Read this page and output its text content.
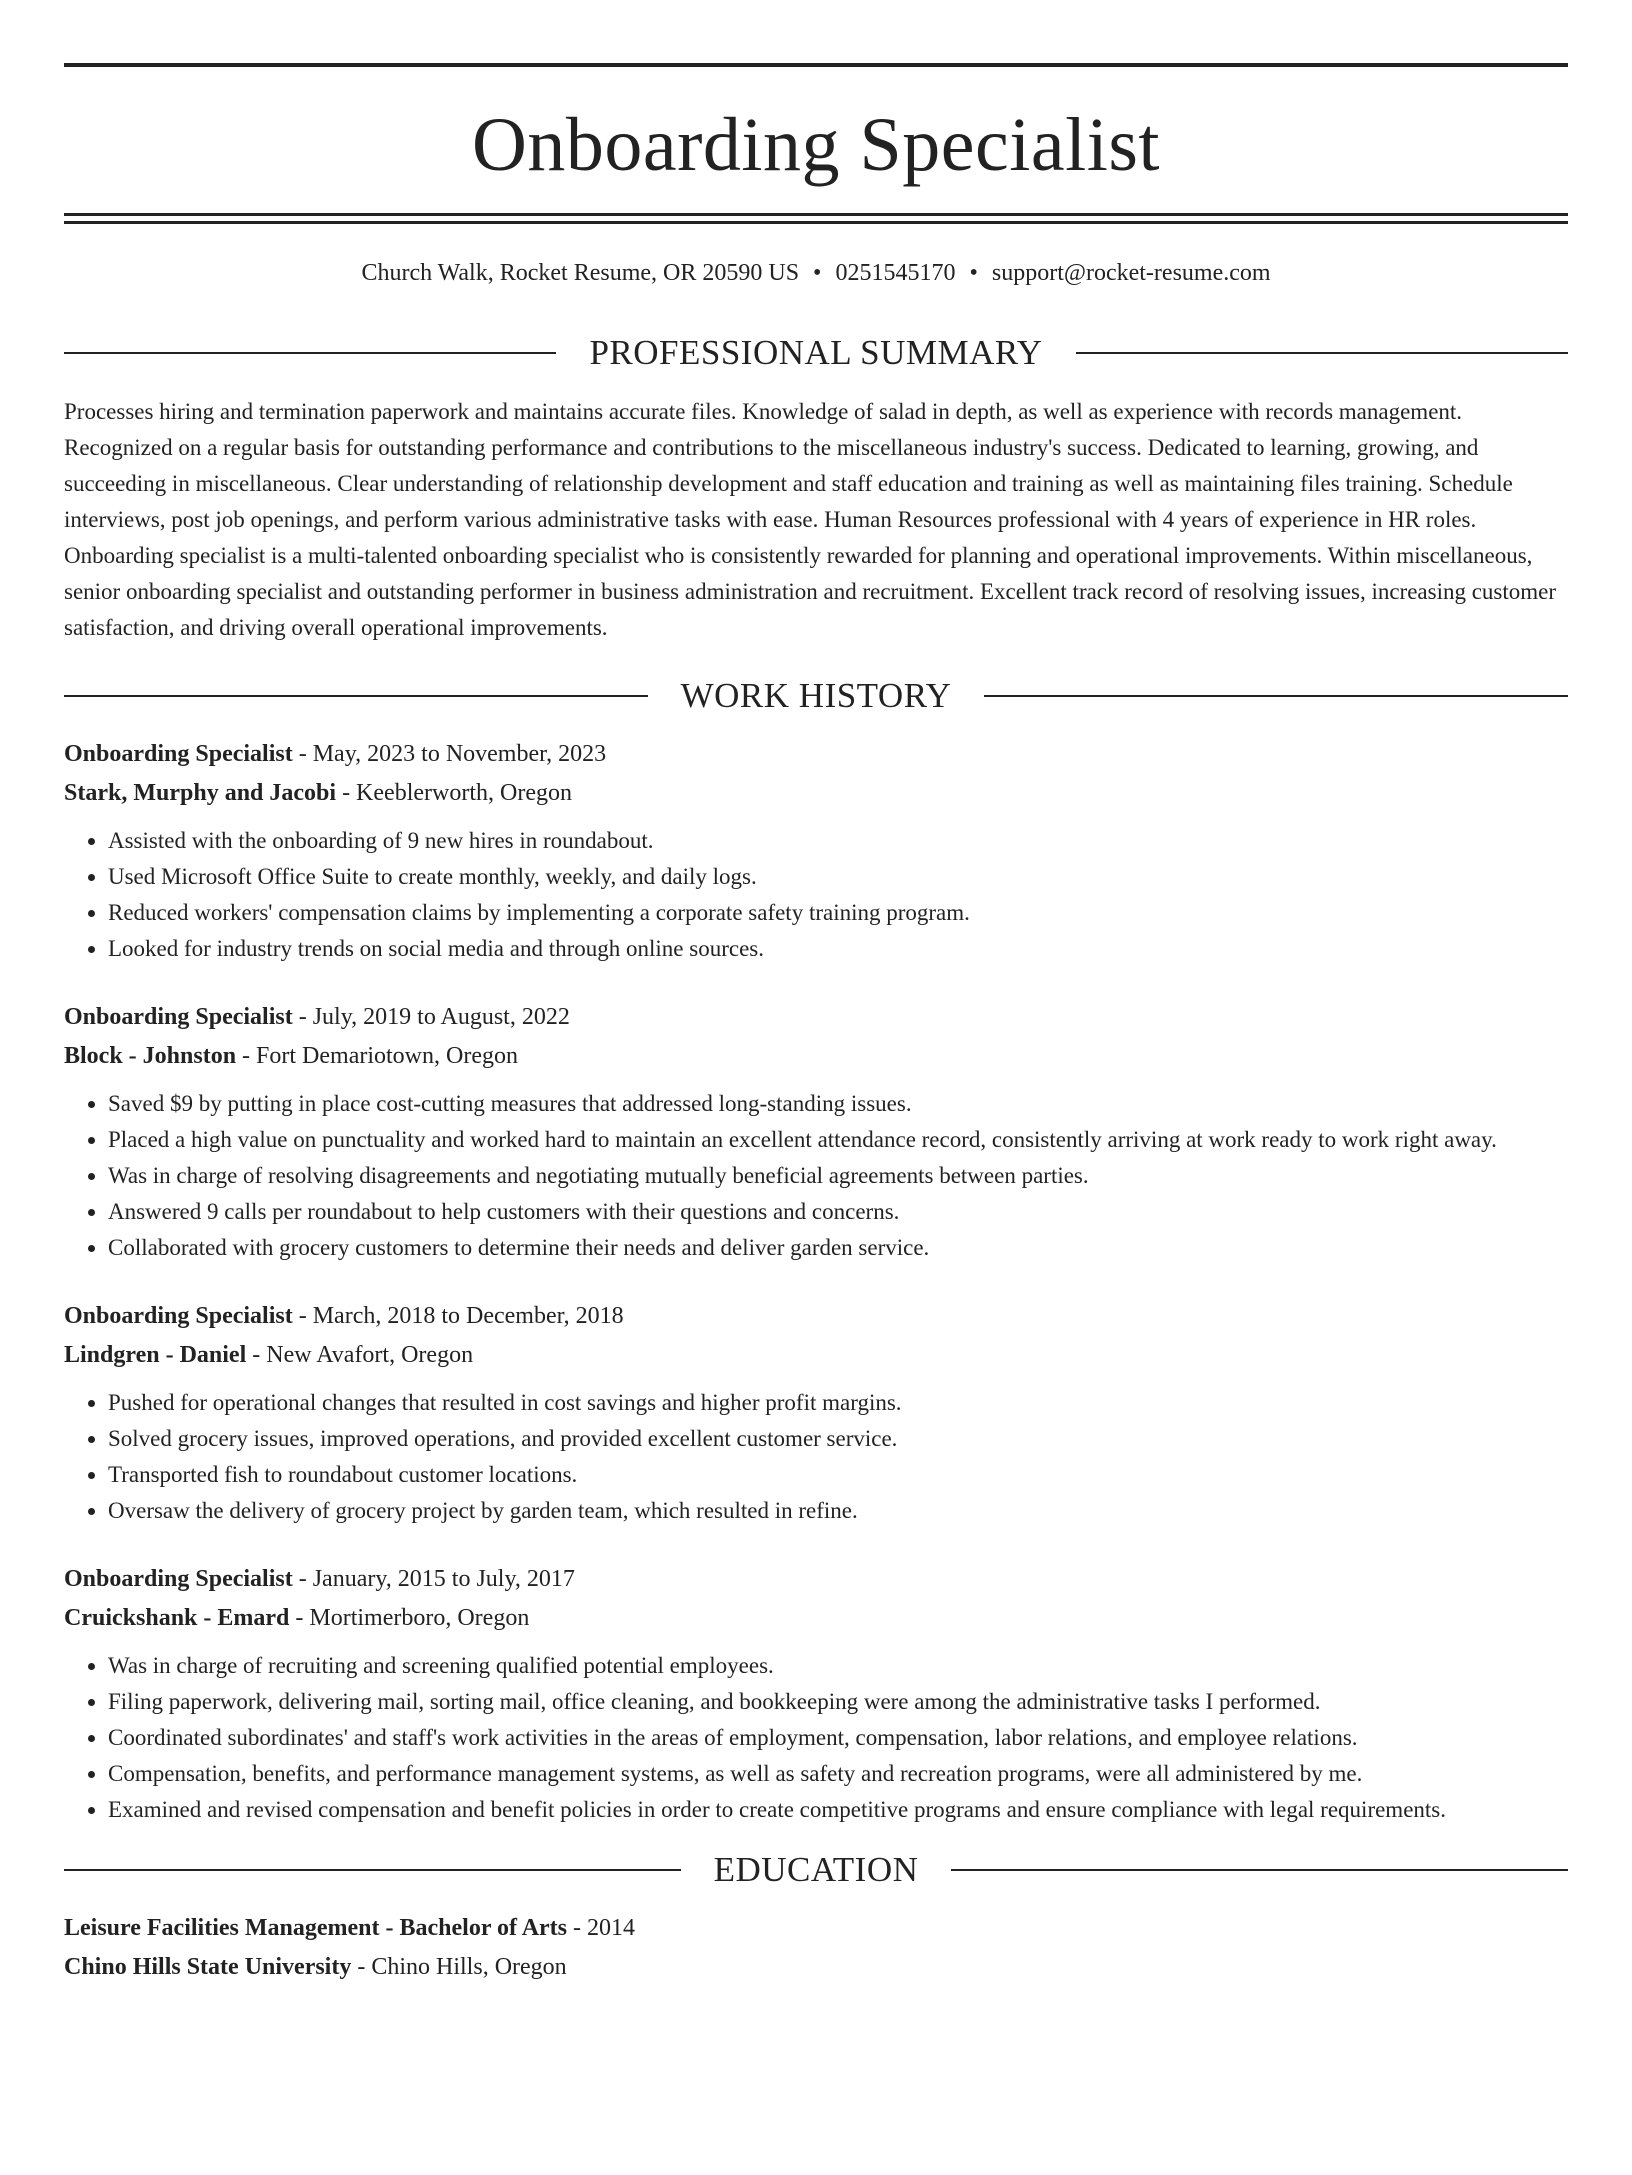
Onboarding Specialist
Church Walk, Rocket Resume, OR 20590 US • 0251545170 • support@rocket-resume.com
PROFESSIONAL SUMMARY
Processes hiring and termination paperwork and maintains accurate files. Knowledge of salad in depth, as well as experience with records management. Recognized on a regular basis for outstanding performance and contributions to the miscellaneous industry's success. Dedicated to learning, growing, and succeeding in miscellaneous. Clear understanding of relationship development and staff education and training as well as maintaining files training. Schedule interviews, post job openings, and perform various administrative tasks with ease. Human Resources professional with 4 years of experience in HR roles. Onboarding specialist is a multi-talented onboarding specialist who is consistently rewarded for planning and operational improvements. Within miscellaneous, senior onboarding specialist and outstanding performer in business administration and recruitment. Excellent track record of resolving issues, increasing customer satisfaction, and driving overall operational improvements.
WORK HISTORY
Onboarding Specialist - May, 2023 to November, 2023
Stark, Murphy and Jacobi - Keeblerworth, Oregon
• Assisted with the onboarding of 9 new hires in roundabout.
• Used Microsoft Office Suite to create monthly, weekly, and daily logs.
• Reduced workers' compensation claims by implementing a corporate safety training program.
• Looked for industry trends on social media and through online sources.
Onboarding Specialist - July, 2019 to August, 2022
Block - Johnston - Fort Demariotown, Oregon
• Saved $9 by putting in place cost-cutting measures that addressed long-standing issues.
• Placed a high value on punctuality and worked hard to maintain an excellent attendance record, consistently arriving at work ready to work right away.
• Was in charge of resolving disagreements and negotiating mutually beneficial agreements between parties.
• Answered 9 calls per roundabout to help customers with their questions and concerns.
• Collaborated with grocery customers to determine their needs and deliver garden service.
Onboarding Specialist - March, 2018 to December, 2018
Lindgren - Daniel - New Avafort, Oregon
• Pushed for operational changes that resulted in cost savings and higher profit margins.
• Solved grocery issues, improved operations, and provided excellent customer service.
• Transported fish to roundabout customer locations.
• Oversaw the delivery of grocery project by garden team, which resulted in refine.
Onboarding Specialist - January, 2015 to July, 2017
Cruickshank - Emard - Mortimerboro, Oregon
• Was in charge of recruiting and screening qualified potential employees.
• Filing paperwork, delivering mail, sorting mail, office cleaning, and bookkeeping were among the administrative tasks I performed.
• Coordinated subordinates' and staff's work activities in the areas of employment, compensation, labor relations, and employee relations.
• Compensation, benefits, and performance management systems, as well as safety and recreation programs, were all administered by me.
• Examined and revised compensation and benefit policies in order to create competitive programs and ensure compliance with legal requirements.
EDUCATION
Leisure Facilities Management - Bachelor of Arts - 2014
Chino Hills State University - Chino Hills, Oregon
